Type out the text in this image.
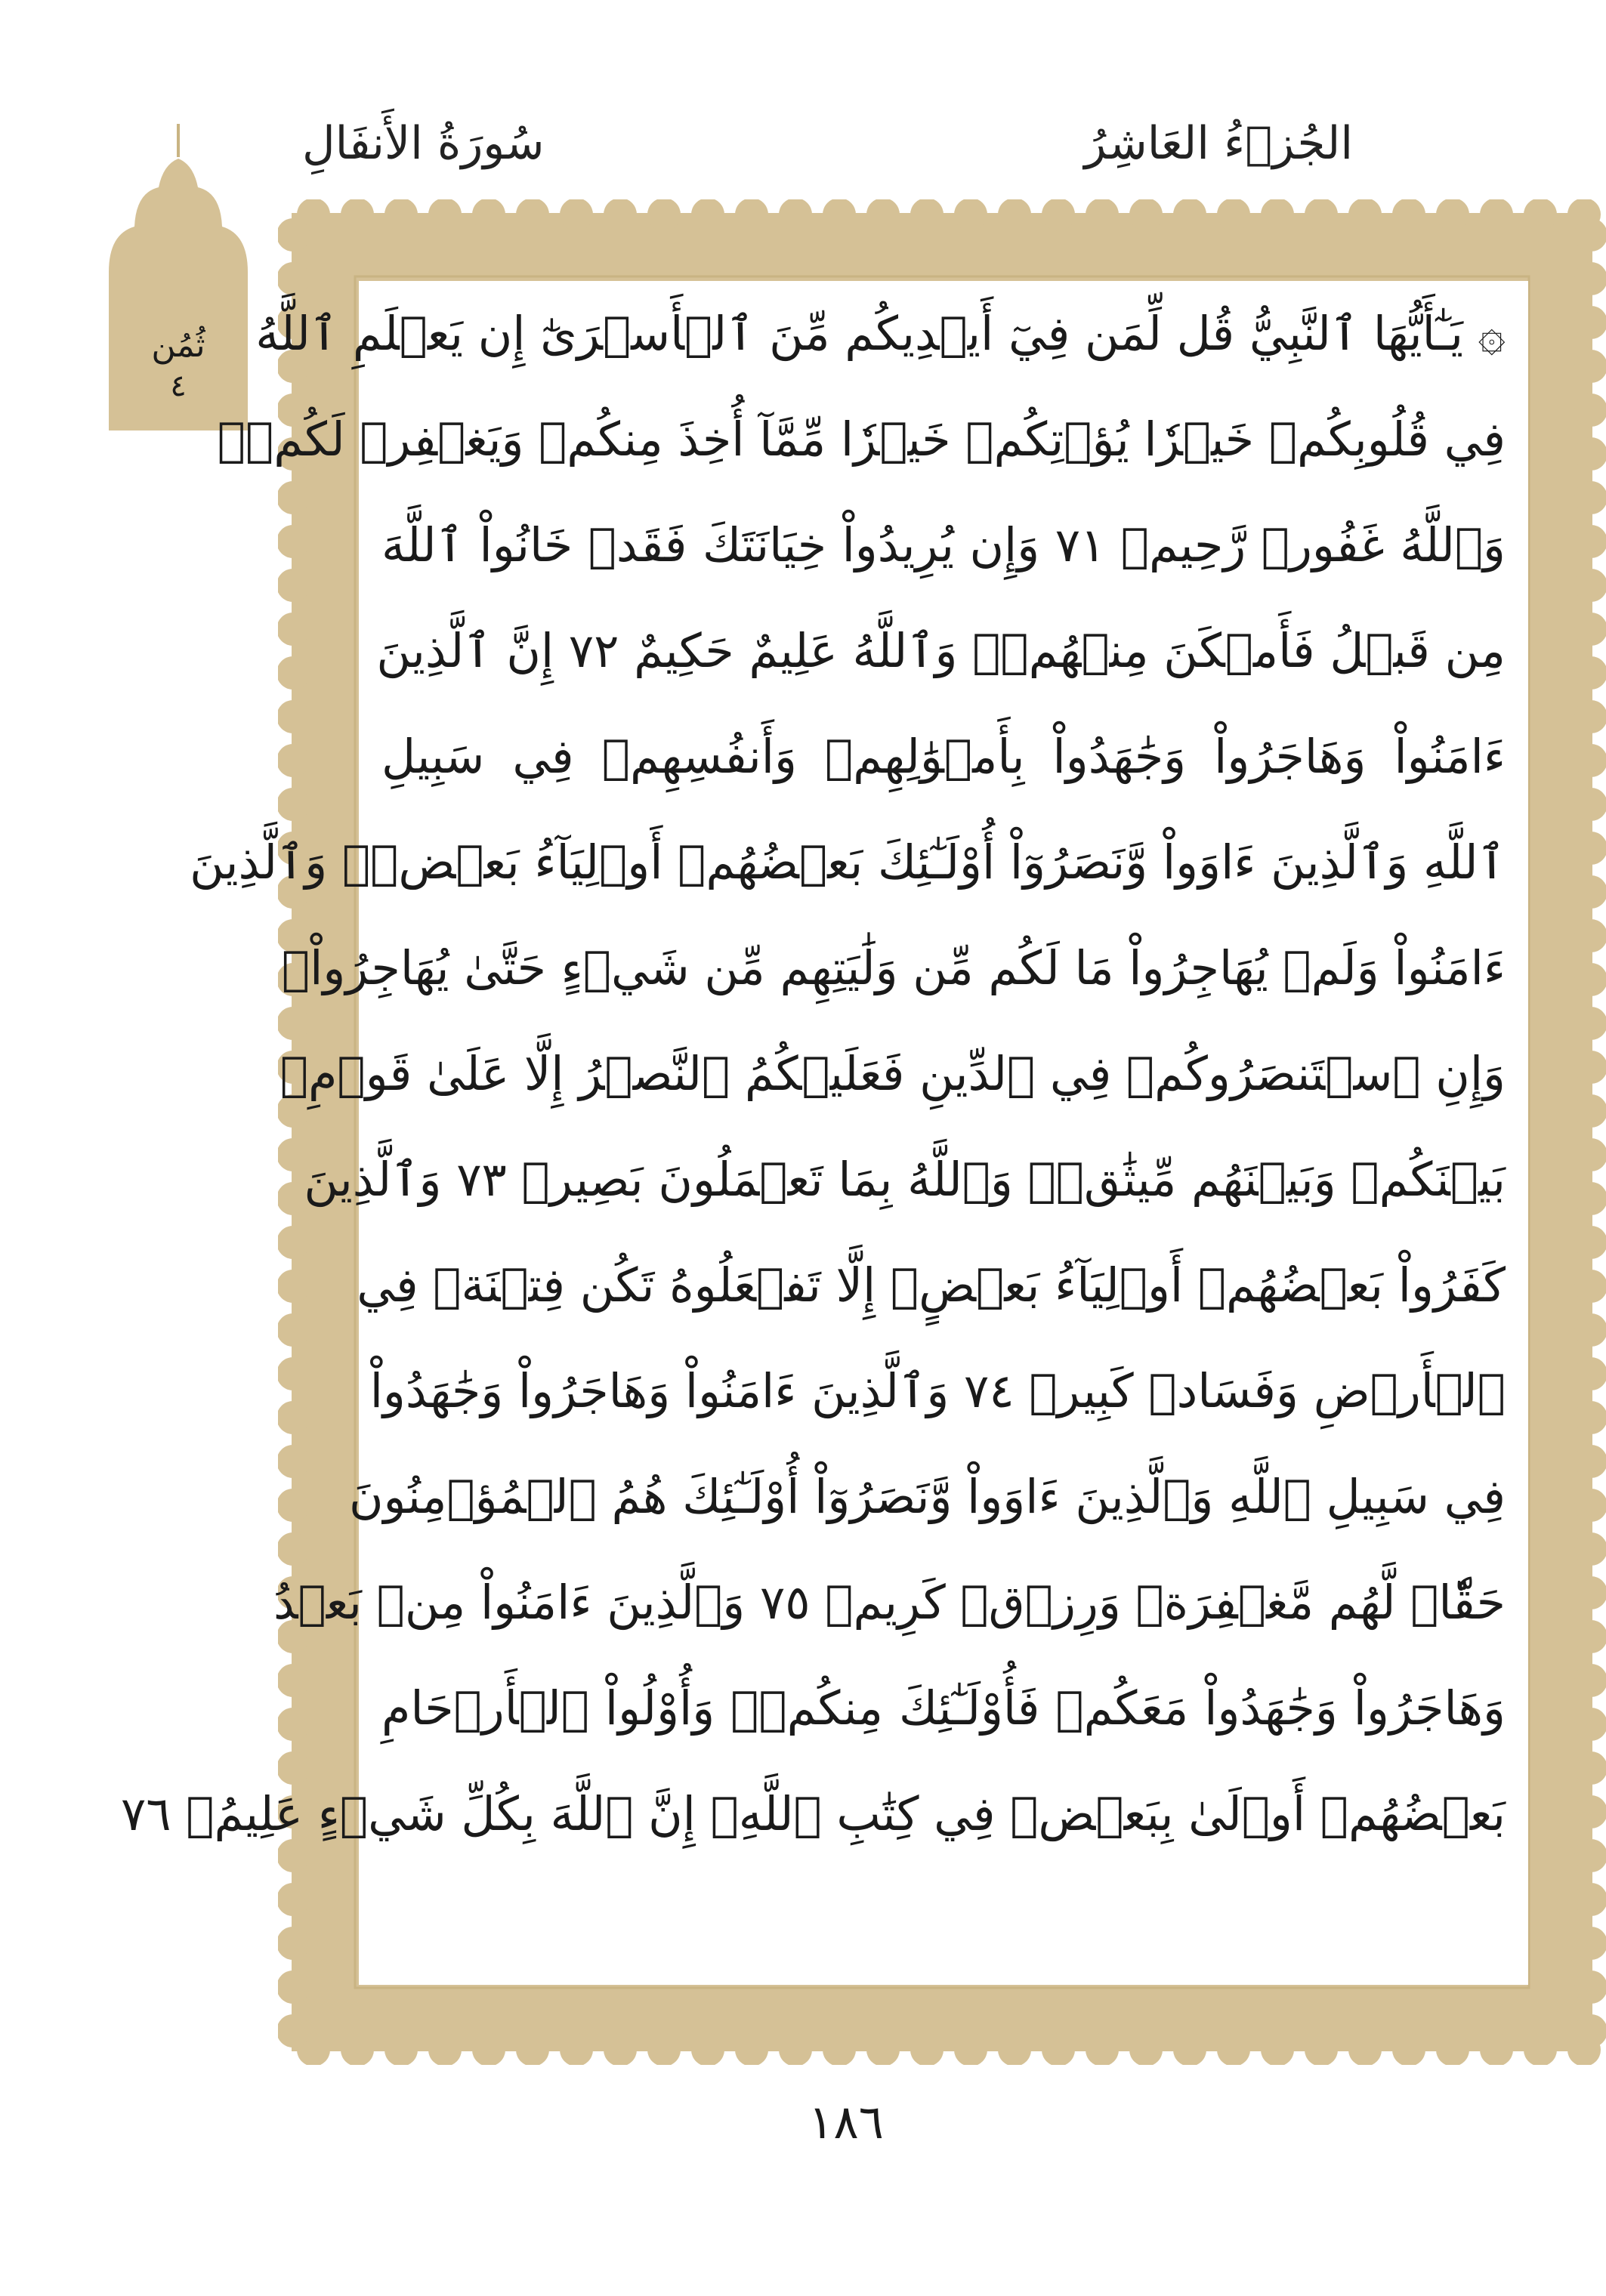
الجُزۡءُ العَاشِرُ
سُورَةُ الأَنفَالِ
ثُمُن
٤
۞ يَـٰٓأَيُّهَا ٱلنَّبِيُّ قُل لِّمَن فِيٓ أَيۡدِيكُم مِّنَ ٱلۡأَسۡرَىٰٓ إِن يَعۡلَمِ ٱللَّهُ
فِي قُلُوبِكُمۡ خَيۡرٗا يُؤۡتِكُمۡ خَيۡرٗا مِّمَّآ أُخِذَ مِنكُمۡ وَيَغۡفِرۡ لَكُمۡۚ
وَٱللَّهُ غَفُورٞ رَّحِيمٞ ٧١ وَإِن يُرِيدُواْ خِيَانَتَكَ فَقَدۡ خَانُواْ ٱللَّهَ
مِن قَبۡلُ فَأَمۡكَنَ مِنۡهُمۡۗ وَٱللَّهُ عَلِيمٌ حَكِيمٌ ٧٢ إِنَّ ٱلَّذِينَ
ءَامَنُواْ وَهَاجَرُواْ وَجَٰهَدُواْ بِأَمۡوَٰلِهِمۡ وَأَنفُسِهِمۡ فِي سَبِيلِ
ٱللَّهِ وَٱلَّذِينَ ءَاوَواْ وَّنَصَرُوٓاْ أُوْلَـٰٓئِكَ بَعۡضُهُمۡ أَوۡلِيَآءُ بَعۡضٖۚ وَٱلَّذِينَ
ءَامَنُواْ وَلَمۡ يُهَاجِرُواْ مَا لَكُم مِّن وَلَٰيَتِهِم مِّن شَيۡءٍ حَتَّىٰ يُهَاجِرُواْۚ
وَإِنِ ٱسۡتَنصَرُوكُمۡ فِي ٱلدِّينِ فَعَلَيۡكُمُ ٱلنَّصۡرُ إِلَّا عَلَىٰ قَوۡمِۭ
بَيۡنَكُمۡ وَبَيۡنَهُم مِّيثَٰقٞۗ وَٱللَّهُ بِمَا تَعۡمَلُونَ بَصِيرٞ ٧٣ وَٱلَّذِينَ
كَفَرُواْ بَعۡضُهُمۡ أَوۡلِيَآءُ بَعۡضٍۚ إِلَّا تَفۡعَلُوهُ تَكُن فِتۡنَةٞ فِي
ٱلۡأَرۡضِ وَفَسَادٞ كَبِيرٞ ٧٤ وَٱلَّذِينَ ءَامَنُواْ وَهَاجَرُواْ وَجَٰهَدُواْ
فِي سَبِيلِ ٱللَّهِ وَٱلَّذِينَ ءَاوَواْ وَّنَصَرُوٓاْ أُوْلَـٰٓئِكَ هُمُ ٱلۡمُؤۡمِنُونَ
حَقّٗاۚ لَّهُم مَّغۡفِرَةٞ وَرِزۡقٞ كَرِيمٞ ٧٥ وَٱلَّذِينَ ءَامَنُواْ مِنۢ بَعۡدُ
وَهَاجَرُواْ وَجَٰهَدُواْ مَعَكُمۡ فَأُوْلَـٰٓئِكَ مِنكُمۡۚ وَأُوْلُواْ ٱلۡأَرۡحَامِ
بَعۡضُهُمۡ أَوۡلَىٰ بِبَعۡضٖ فِي كِتَٰبِ ٱللَّهِۚ إِنَّ ٱللَّهَ بِكُلِّ شَيۡءٍ عَلِيمُۢ ٧٦
١٨٦
